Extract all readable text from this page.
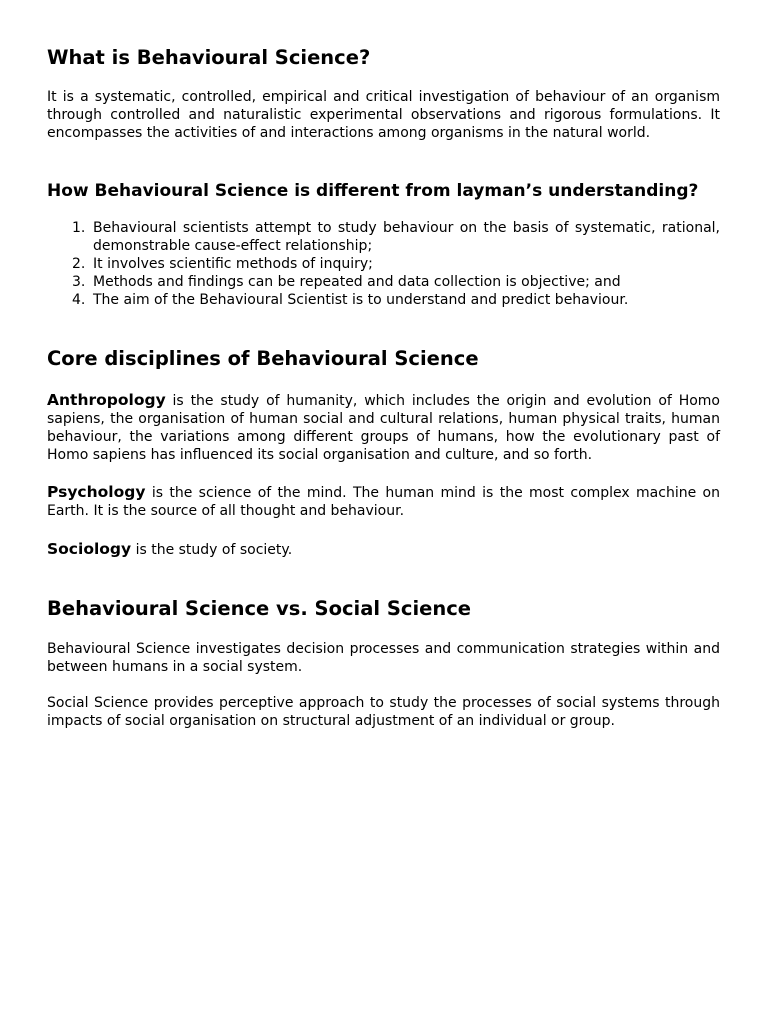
What is Behavioural Science?

It is a systematic, controlled, empirical and critical investigation of behaviour of an organism through controlled and naturalistic experimental observations and rigorous formulations. It encompasses the activities of and interactions among organisms in the natural world.

How Behavioural Science is different from layman’s understanding?
1. Behavioural scientists attempt to study behaviour on the basis of systematic, rational, demonstrable cause-effect relationship;
2. It involves scientific methods of inquiry;
3. Methods and findings can be repeated and data collection is objective; and
4. The aim of the Behavioural Scientist is to understand and predict behaviour.
Core disciplines of Behavioural Science

Anthropology is the study of humanity, which includes the origin and evolution of Homo sapiens, the organisation of human social and cultural relations, human physical traits, human behaviour, the variations among different groups of humans, how the evolutionary past of Homo sapiens has influenced its social organisation and culture, and so forth.

Psychology is the science of the mind. The human mind is the most complex machine on Earth. It is the source of all thought and behaviour.

Sociology is the study of society.

Behavioural Science vs. Social Science

Behavioural Science investigates decision processes and communication strategies within and between humans in a social system.

Social Science provides perceptive approach to study the processes of social systems through impacts of social organisation on structural adjustment of an individual or group.
